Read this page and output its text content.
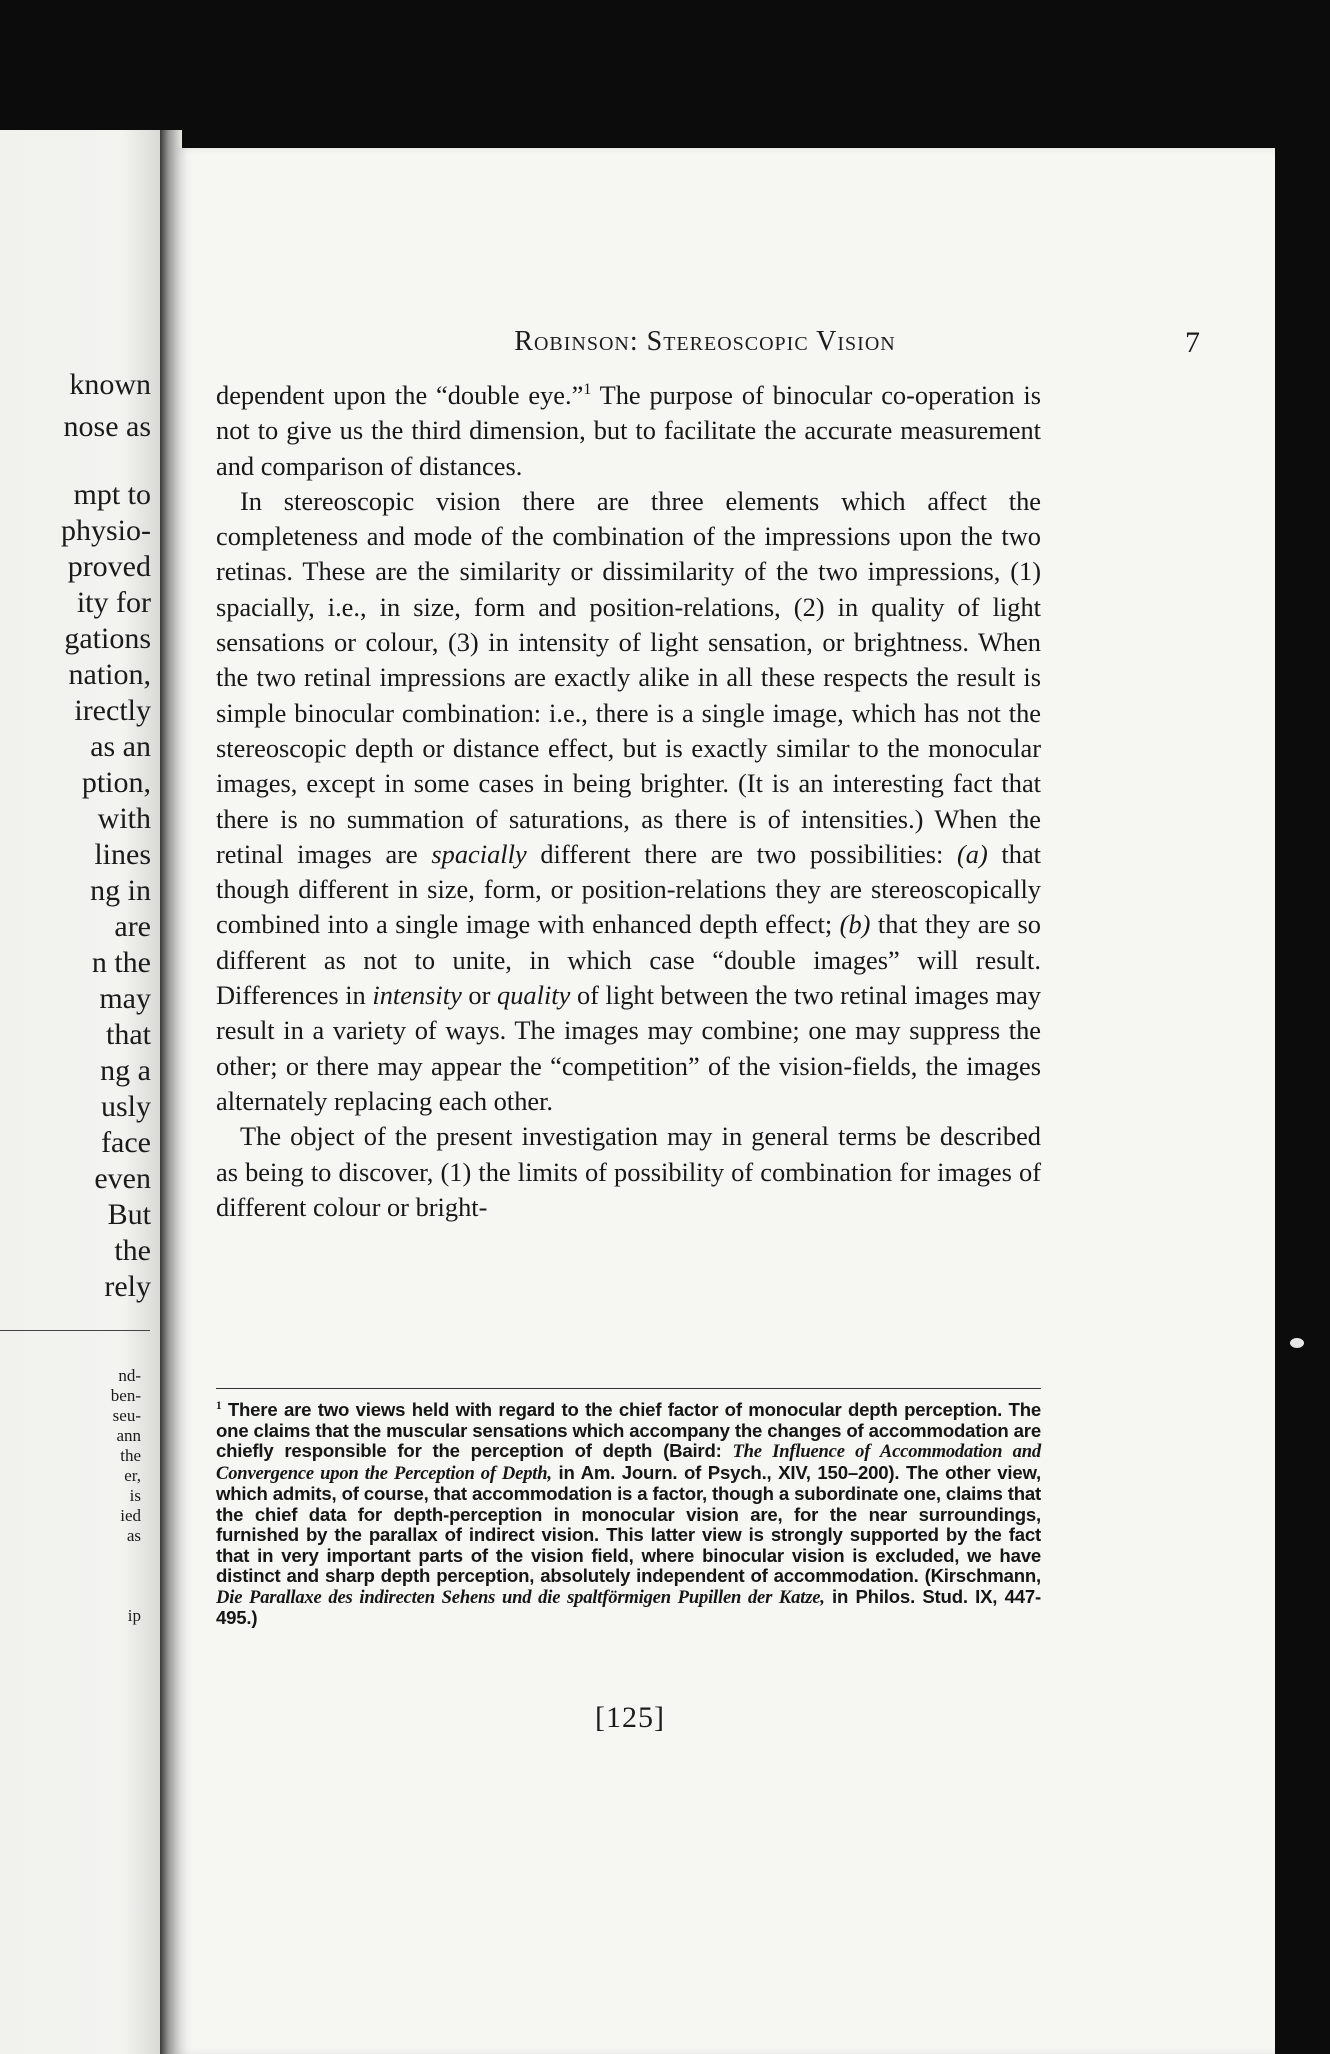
known
nose as
mpt to
physio-
proved
ity for
gations
nation,
irectly
as an
ption,
with
lines
ng in
are
n the
may
that
ng a
usly
face
even
But
the
rely
nd-
ben-
seu-
ann
the
er,
is
ied
as
ip
Robinson: Stereoscopic Vision	7

dependent upon the “double eye.”$^1$ The purpose of binocular co-operation is not to give us the third dimension, but to facilitate the accurate measurement and comparison of distances.

In stereoscopic vision there are three elements which affect the completeness and mode of the combination of the impressions upon the two retinas. These are the similarity or dissimilarity of the two impressions, (1) spacially, i.e., in size, form and position-relations, (2) in quality of light sensations or colour, (3) in intensity of light sensation, or brightness. When the two retinal impressions are exactly alike in all these respects the result is simple binocular combination: i.e., there is a single image, which has not the stereoscopic depth or distance effect, but is exactly similar to the monocular images, except in some cases in being brighter. (It is an interesting fact that there is no summation of saturations, as there is of intensities.) When the retinal images are spacially different there are two possibilities: (a) that though different in size, form, or position-relations they are stereoscopically combined into a single image with enhanced depth effect; (b) that they are so different as not to unite, in which case “double images” will result. Differences in intensity or quality of light between the two retinal images may result in a variety of ways. The images may combine; one may suppress the other; or there may appear the “competition” of the vision-fields, the images alternately replacing each other.

The object of the present investigation may in general terms be described as being to discover, (1) the limits of possibility of combination for images of different colour or bright-

$^1$ There are two views held with regard to the chief factor of monocular depth perception. The one claims that the muscular sensations which accompany the changes of accommodation are chiefly responsible for the perception of depth (Baird: The Influence of Accommodation and Convergence upon the Perception of Depth, in Am. Journ. of Psych., XIV, 150–200). The other view, which admits, of course, that accommodation is a factor, though a subordinate one, claims that the chief data for depth-perception in monocular vision are, for the near surroundings, furnished by the parallax of indirect vision. This latter view is strongly supported by the fact that in very important parts of the vision field, where binocular vision is excluded, we have distinct and sharp depth perception, absolutely independent of accommodation. (Kirschmann, Die Parallaxe des indirecten Sehens und die spaltförmigen Pupillen der Katze, in Philos. Stud. IX, 447-495.)
[125]
